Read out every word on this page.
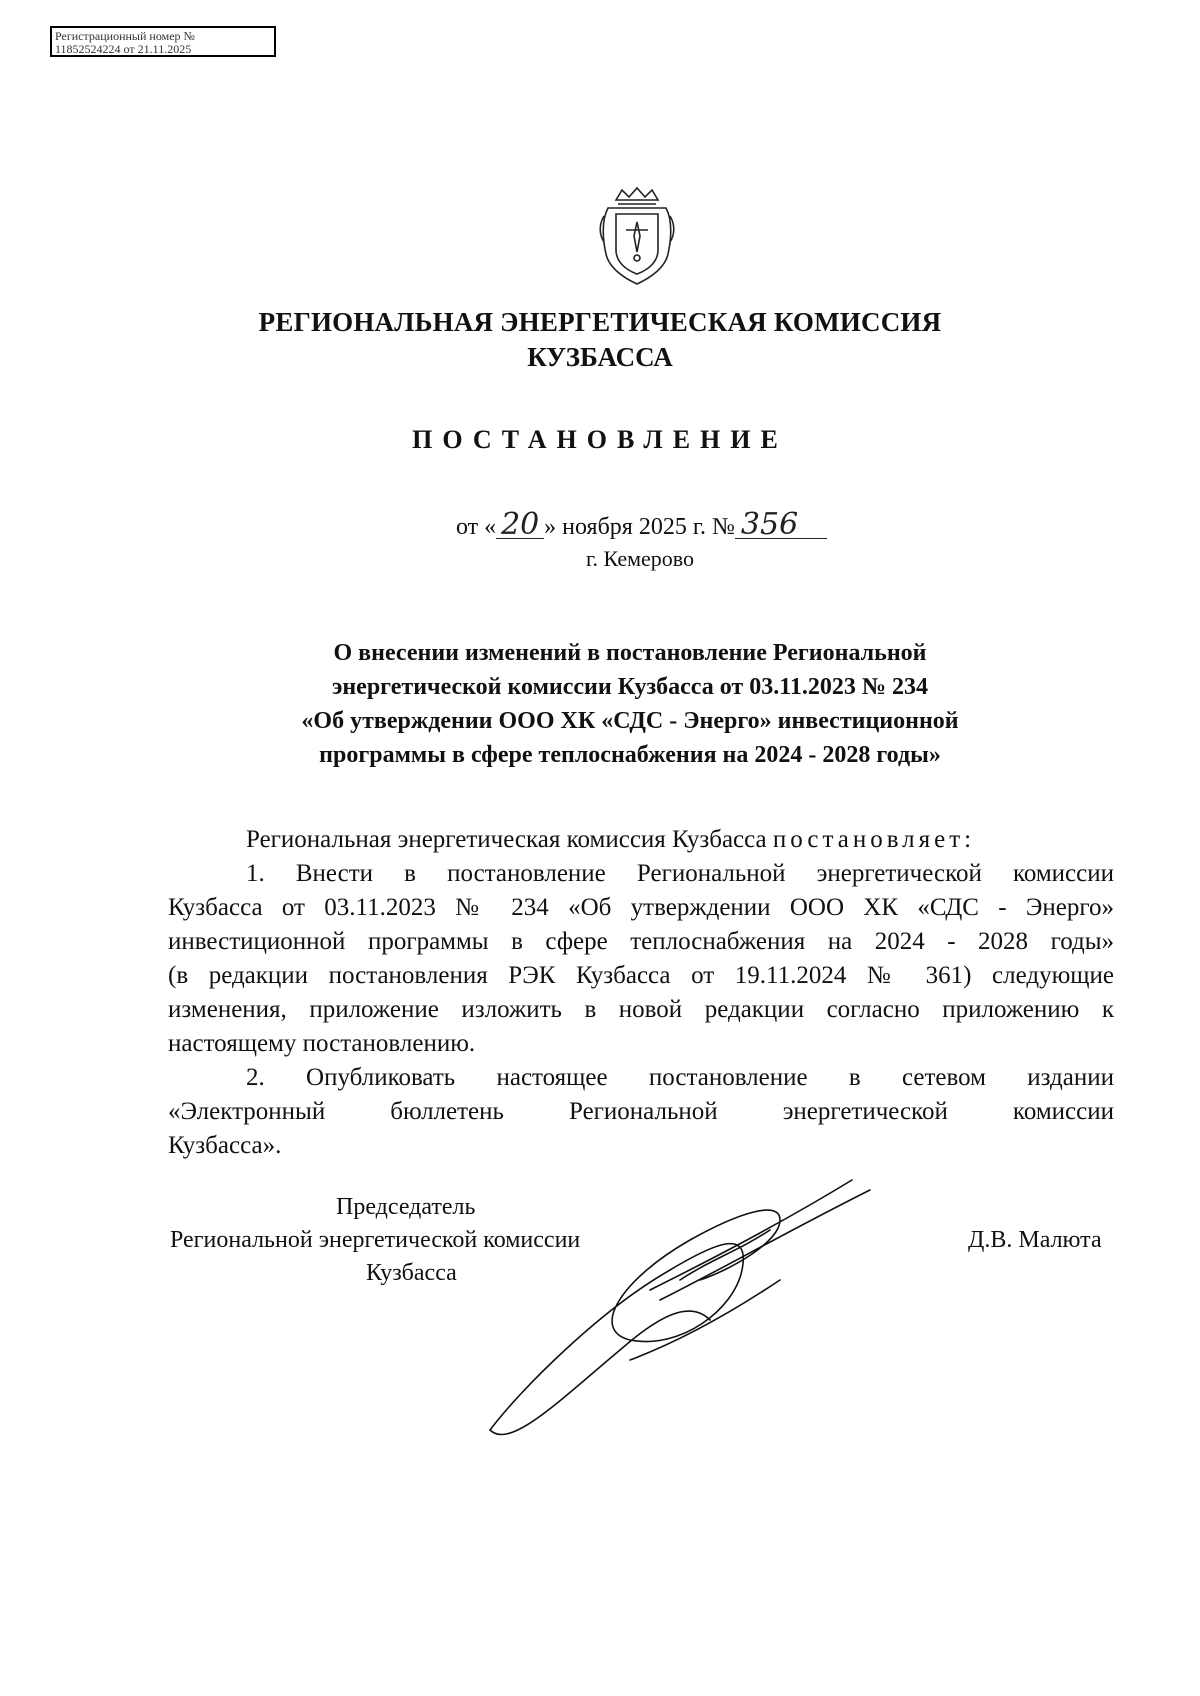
Регистрационный номер №
11852524224 от 21.11.2025
РЕГИОНАЛЬНАЯ ЭНЕРГЕТИЧЕСКАЯ КОМИССИЯ
КУЗБАССА
ПОСТАНОВЛЕНИЕ
от « 20 » ноября 2025 г. № 356
г. Кемерово
О внесении изменений в постановление Региональной
энергетической комиссии Кузбасса от 03.11.2023 № 234
«Об утверждении ООО ХК «СДС - Энерго» инвестиционной
программы в сфере теплоснабжения на 2024 - 2028 годы»
Региональная энергетическая комиссия Кузбасса постановляет:
1. Внести в постановление Региональной энергетической комиссии
Кузбасса от 03.11.2023 № 234 «Об утверждении ООО ХК «СДС - Энерго»
инвестиционной программы в сфере теплоснабжения на 2024 - 2028 годы»
(в редакции постановления РЭК Кузбасса от 19.11.2024 № 361) следующие
изменения, приложение изложить в новой редакции согласно приложению к
настоящему постановлению.
2. Опубликовать настоящее постановление в сетевом издании
«Электронный бюллетень Региональной энергетической комиссии
Кузбасса».
Председатель
Региональной энергетической комиссии
Кузбасса
Д.В. Малюта
